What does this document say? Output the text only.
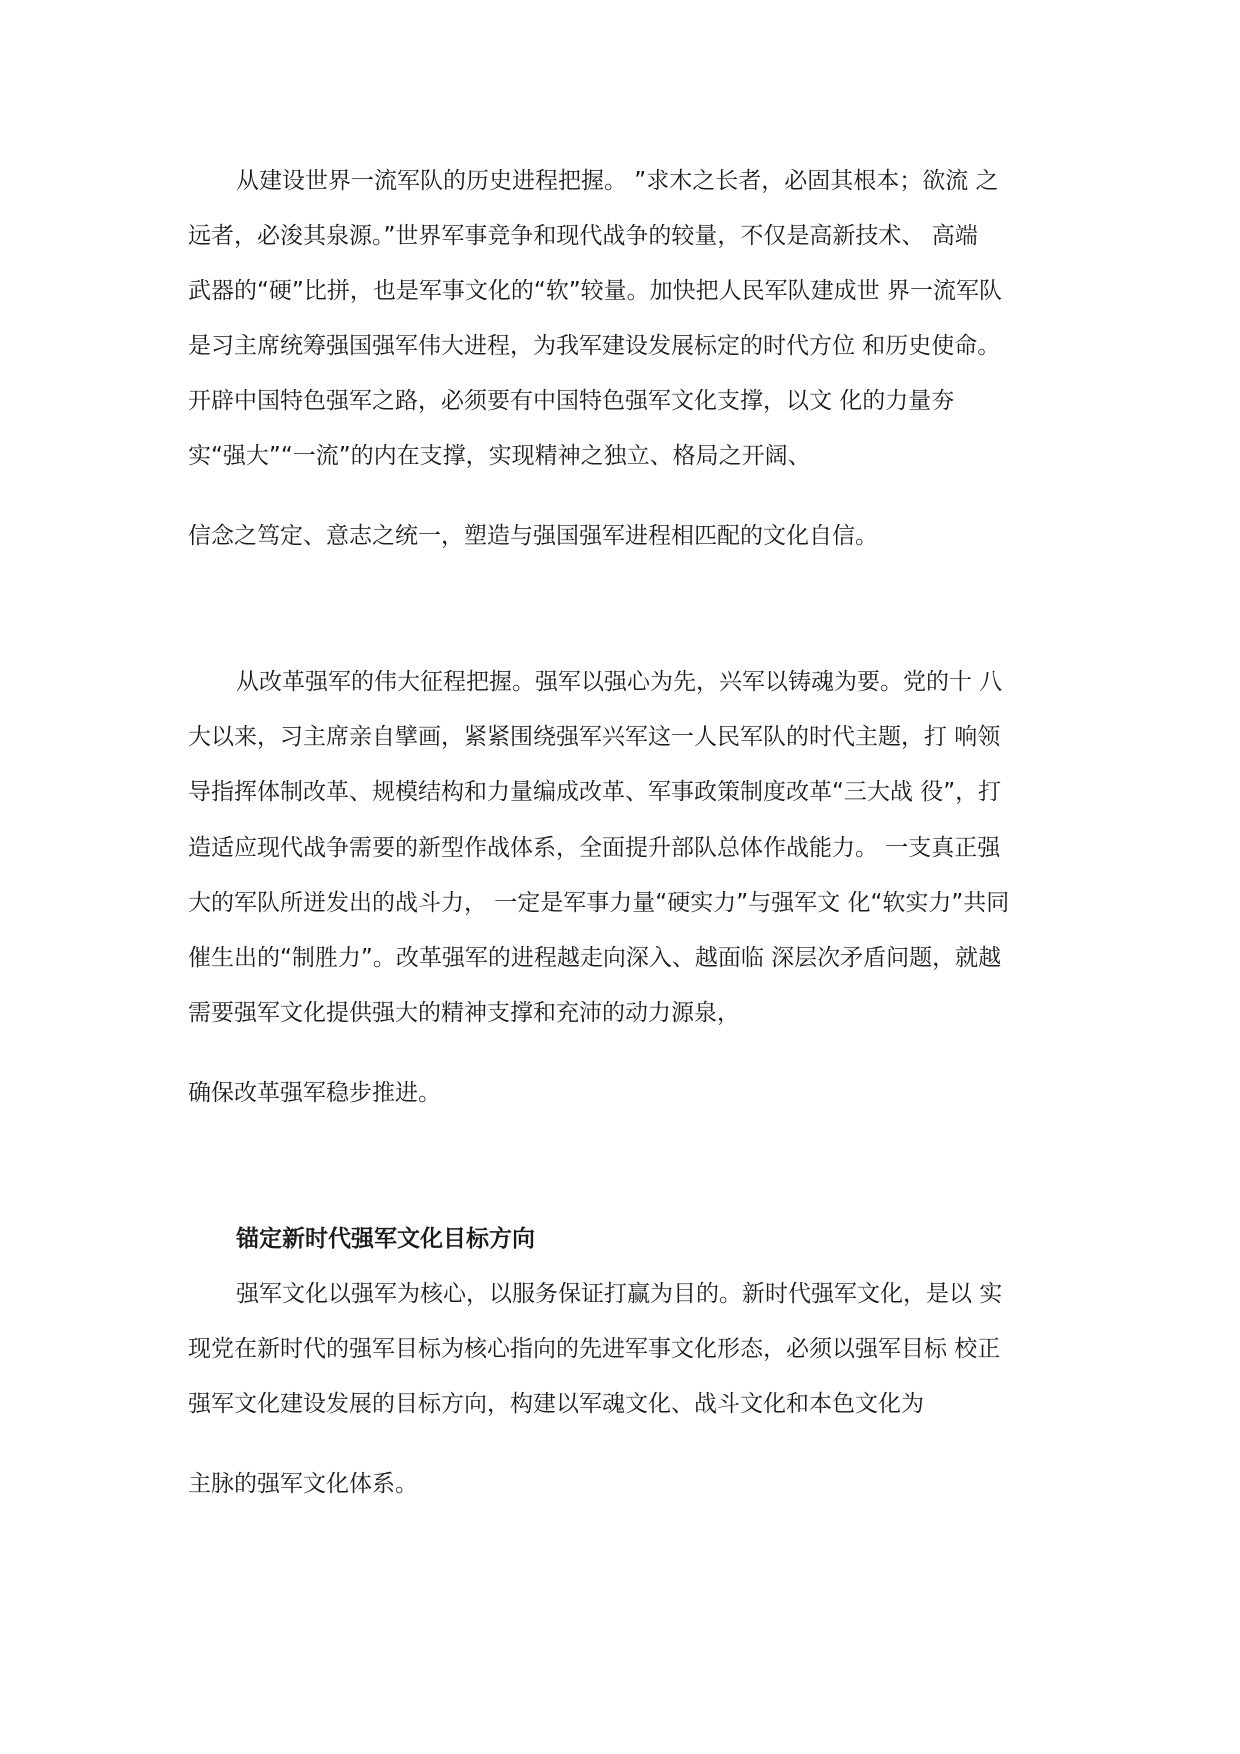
从建设世界一流军队的历史进程把握。 ”求木之长者，必固其根本；欲流 之
远者，必浚其泉源。”世界军事竞争和现代战争的较量，不仅是高新技术、 高端
武器的“硬”比拼，也是军事文化的“软”较量。加快把人民军队建成世 界一流军队
是习主席统筹强国强军伟大进程，为我军建设发展标定的时代方位 和历史使命。
开辟中国特色强军之路，必须要有中国特色强军文化支撑，以文 化的力量夯
实“强大”“一流”的内在支撑，实现精神之独立、格局之开阔、
信念之笃定、意志之统一，塑造与强国强军进程相匹配的文化自信。
从改革强军的伟大征程把握。强军以强心为先，兴军以铸魂为要。党的十 八
大以来，习主席亲自擘画，紧紧围绕强军兴军这一人民军队的时代主题，打 响领
导指挥体制改革、规模结构和力量编成改革、军事政策制度改革“三大战 役”，打
造适应现代战争需要的新型作战体系，全面提升部队总体作战能力。 一支真正强
大的军队所迸发出的战斗力， 一定是军事力量“硬实力”与强军文 化“软实力”共同
催生出的“制胜力”。改革强军的进程越走向深入、越面临 深层次矛盾问题，就越
需要强军文化提供强大的精神支撑和充沛的动力源泉，
确保改革强军稳步推进。
锚定新时代强军文化目标方向
强军文化以强军为核心，以服务保证打赢为目的。新时代强军文化，是以 实
现党在新时代的强军目标为核心指向的先进军事文化形态，必须以强军目标 校正
强军文化建设发展的目标方向，构建以军魂文化、战斗文化和本色文化为
主脉的强军文化体系。
